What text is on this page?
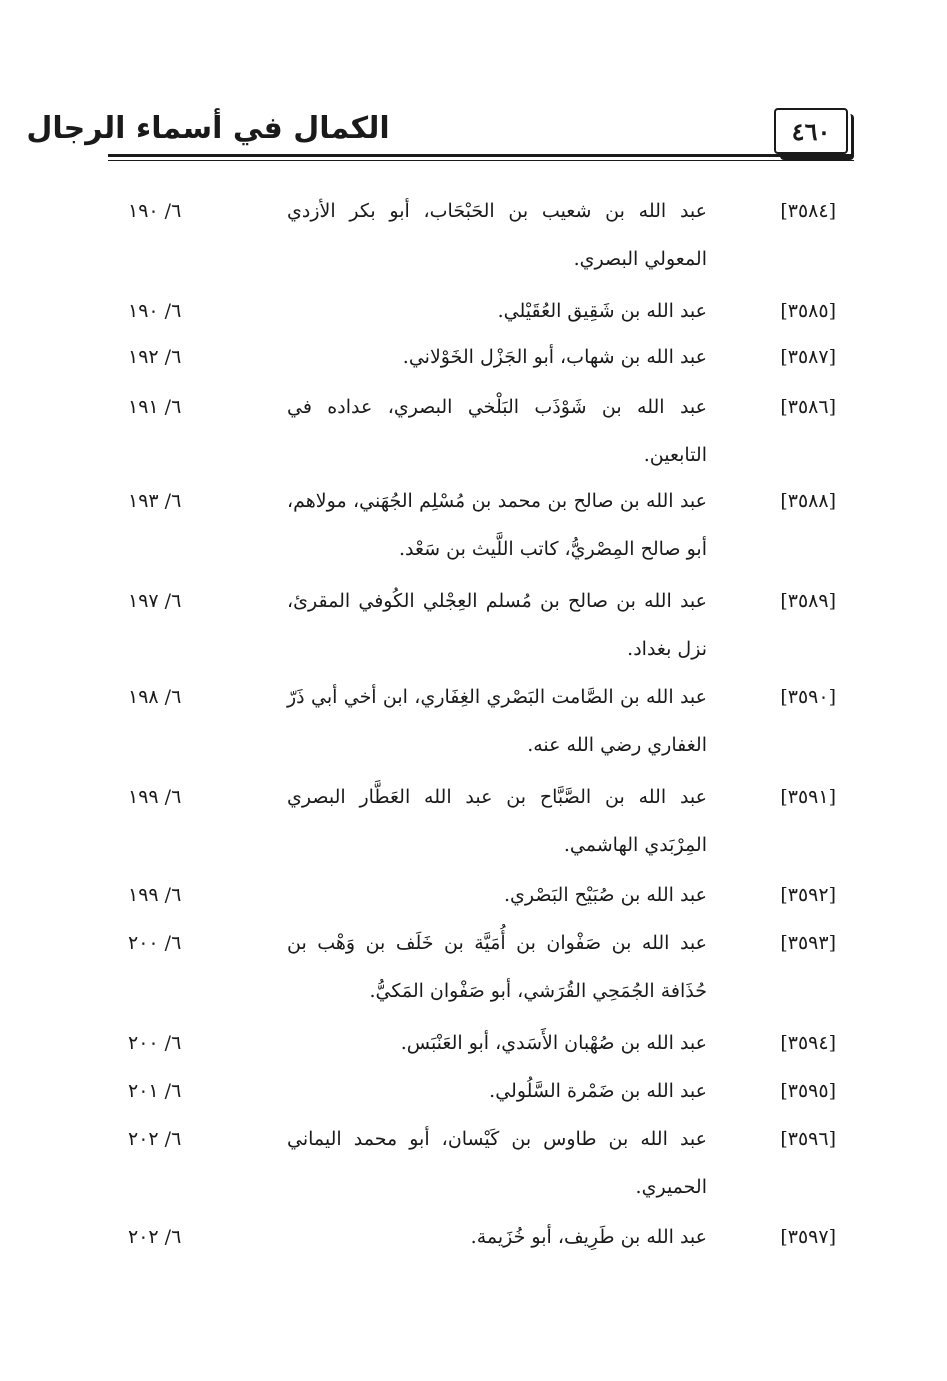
٤٦٠
الكمال في أسماء الرجال
[٣٥٨٤]
عبد الله بن شعيب بن الحَبْحَاب، أبو بكر الأزدي المعولي البصري.
٦/ ١٩٠
[٣٥٨٥]
عبد الله بن شَقِيق العُقَيْلي.
٦/ ١٩٠
[٣٥٨٧]
عبد الله بن شهاب، أبو الجَزْل الخَوْلاني.
٦/ ١٩٢
[٣٥٨٦]
عبد الله بن شَوْذَب البَلْخي البصري، عداده في التابعين.
٦/ ١٩١
[٣٥٨٨]
عبد الله بن صالح بن محمد بن مُسْلِم الجُهَني، مولاهم، أبو صالح المِصْريُّ، كاتب اللَّيث بن سَعْد.
٦/ ١٩٣
[٣٥٨٩]
عبد الله بن صالح بن مُسلم العِجْلي الكُوفي المقرئ، نزل بغداد.
٦/ ١٩٧
[٣٥٩٠]
عبد الله بن الصَّامت البَصْري الغِفَاري، ابن أخي أبي ذَرّ الغفاري رضي الله عنه.
٦/ ١٩٨
[٣٥٩١]
عبد الله بن الصَّبَّاح بن عبد الله العَطَّار البصري المِرْبَدي الهاشمي.
٦/ ١٩٩
[٣٥٩٢]
عبد الله بن صُبَيْح البَصْري.
٦/ ١٩٩
[٣٥٩٣]
عبد الله بن صَفْوان بن أُمَيَّة بن خَلَف بن وَهْب بن حُذَافة الجُمَحِي القُرَشي، أبو صَفْوان المَكيُّ.
٦/ ٢٠٠
[٣٥٩٤]
عبد الله بن صُهْبان الأَسَدي، أبو العَنْبَس.
٦/ ٢٠٠
[٣٥٩٥]
عبد الله بن ضَمْرة السَّلُولي.
٦/ ٢٠١
[٣٥٩٦]
عبد الله بن طاوس بن كَيْسان، أبو محمد اليماني الحميري.
٦/ ٢٠٢
[٣٥٩٧]
عبد الله بن طَرِيف، أبو خُزَيمة.
٦/ ٢٠٢
